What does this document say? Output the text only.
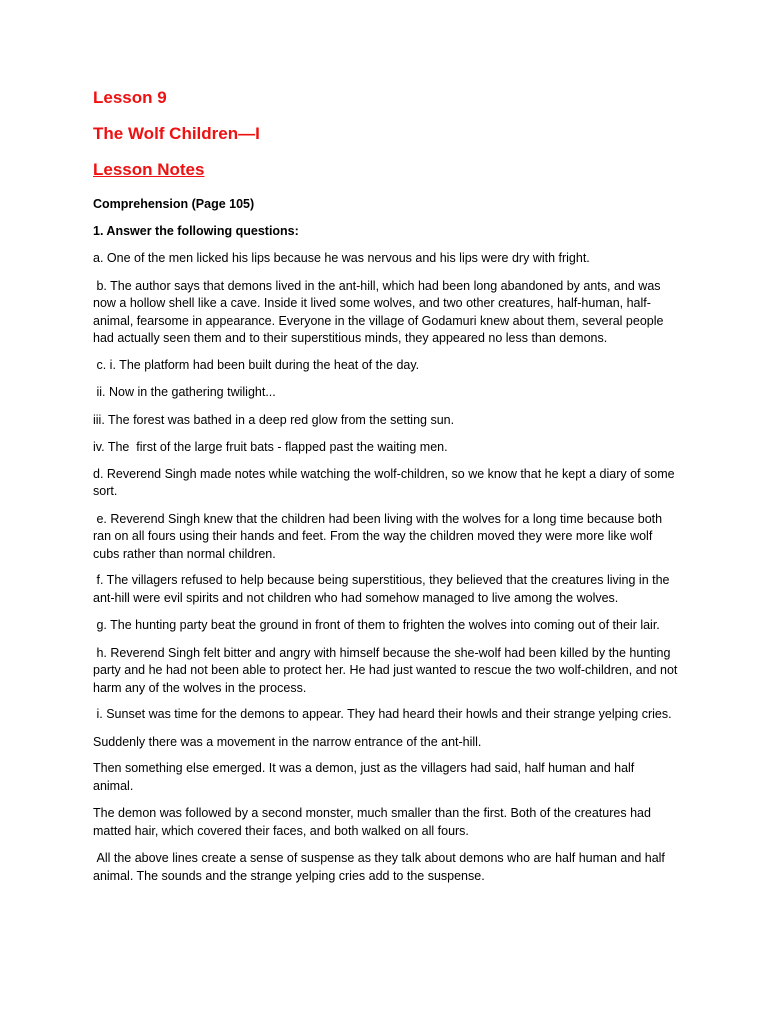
Lesson 9
The Wolf Children—I
Lesson Notes

Comprehension (Page 105)

1. Answer the following questions:

a. One of the men licked his lips because he was nervous and his lips were dry with fright.

b. The author says that demons lived in the ant-hill, which had been long abandoned by ants, and was now a hollow shell like a cave. Inside it lived some wolves, and two other creatures, half-human, half-animal, fearsome in appearance. Everyone in the village of Godamuri knew about them, several people had actually seen them and to their superstitious minds, they appeared no less than demons.

c. i. The platform had been built during the heat of the day.

ii. Now in the gathering twilight...

iii. The forest was bathed in a deep red glow from the setting sun.

iv. The  first of the large fruit bats - flapped past the waiting men.

d. Reverend Singh made notes while watching the wolf-children, so we know that he kept a diary of some sort.

e. Reverend Singh knew that the children had been living with the wolves for a long time because both ran on all fours using their hands and feet. From the way the children moved they were more like wolf cubs rather than normal children.

f. The villagers refused to help because being superstitious, they believed that the creatures living in the ant-hill were evil spirits and not children who had somehow managed to live among the wolves.

g. The hunting party beat the ground in front of them to frighten the wolves into coming out of their lair.

h. Reverend Singh felt bitter and angry with himself because the she-wolf had been killed by the hunting party and he had not been able to protect her. He had just wanted to rescue the two wolf-children, and not harm any of the wolves in the process.

i. Sunset was time for the demons to appear. They had heard their howls and their strange yelping cries.

Suddenly there was a movement in the narrow entrance of the ant-hill.

Then something else emerged. It was a demon, just as the villagers had said, half human and half animal.

The demon was followed by a second monster, much smaller than the first. Both of the creatures had matted hair, which covered their faces, and both walked on all fours.

All the above lines create a sense of suspense as they talk about demons who are half human and half animal. The sounds and the strange yelping cries add to the suspense.
